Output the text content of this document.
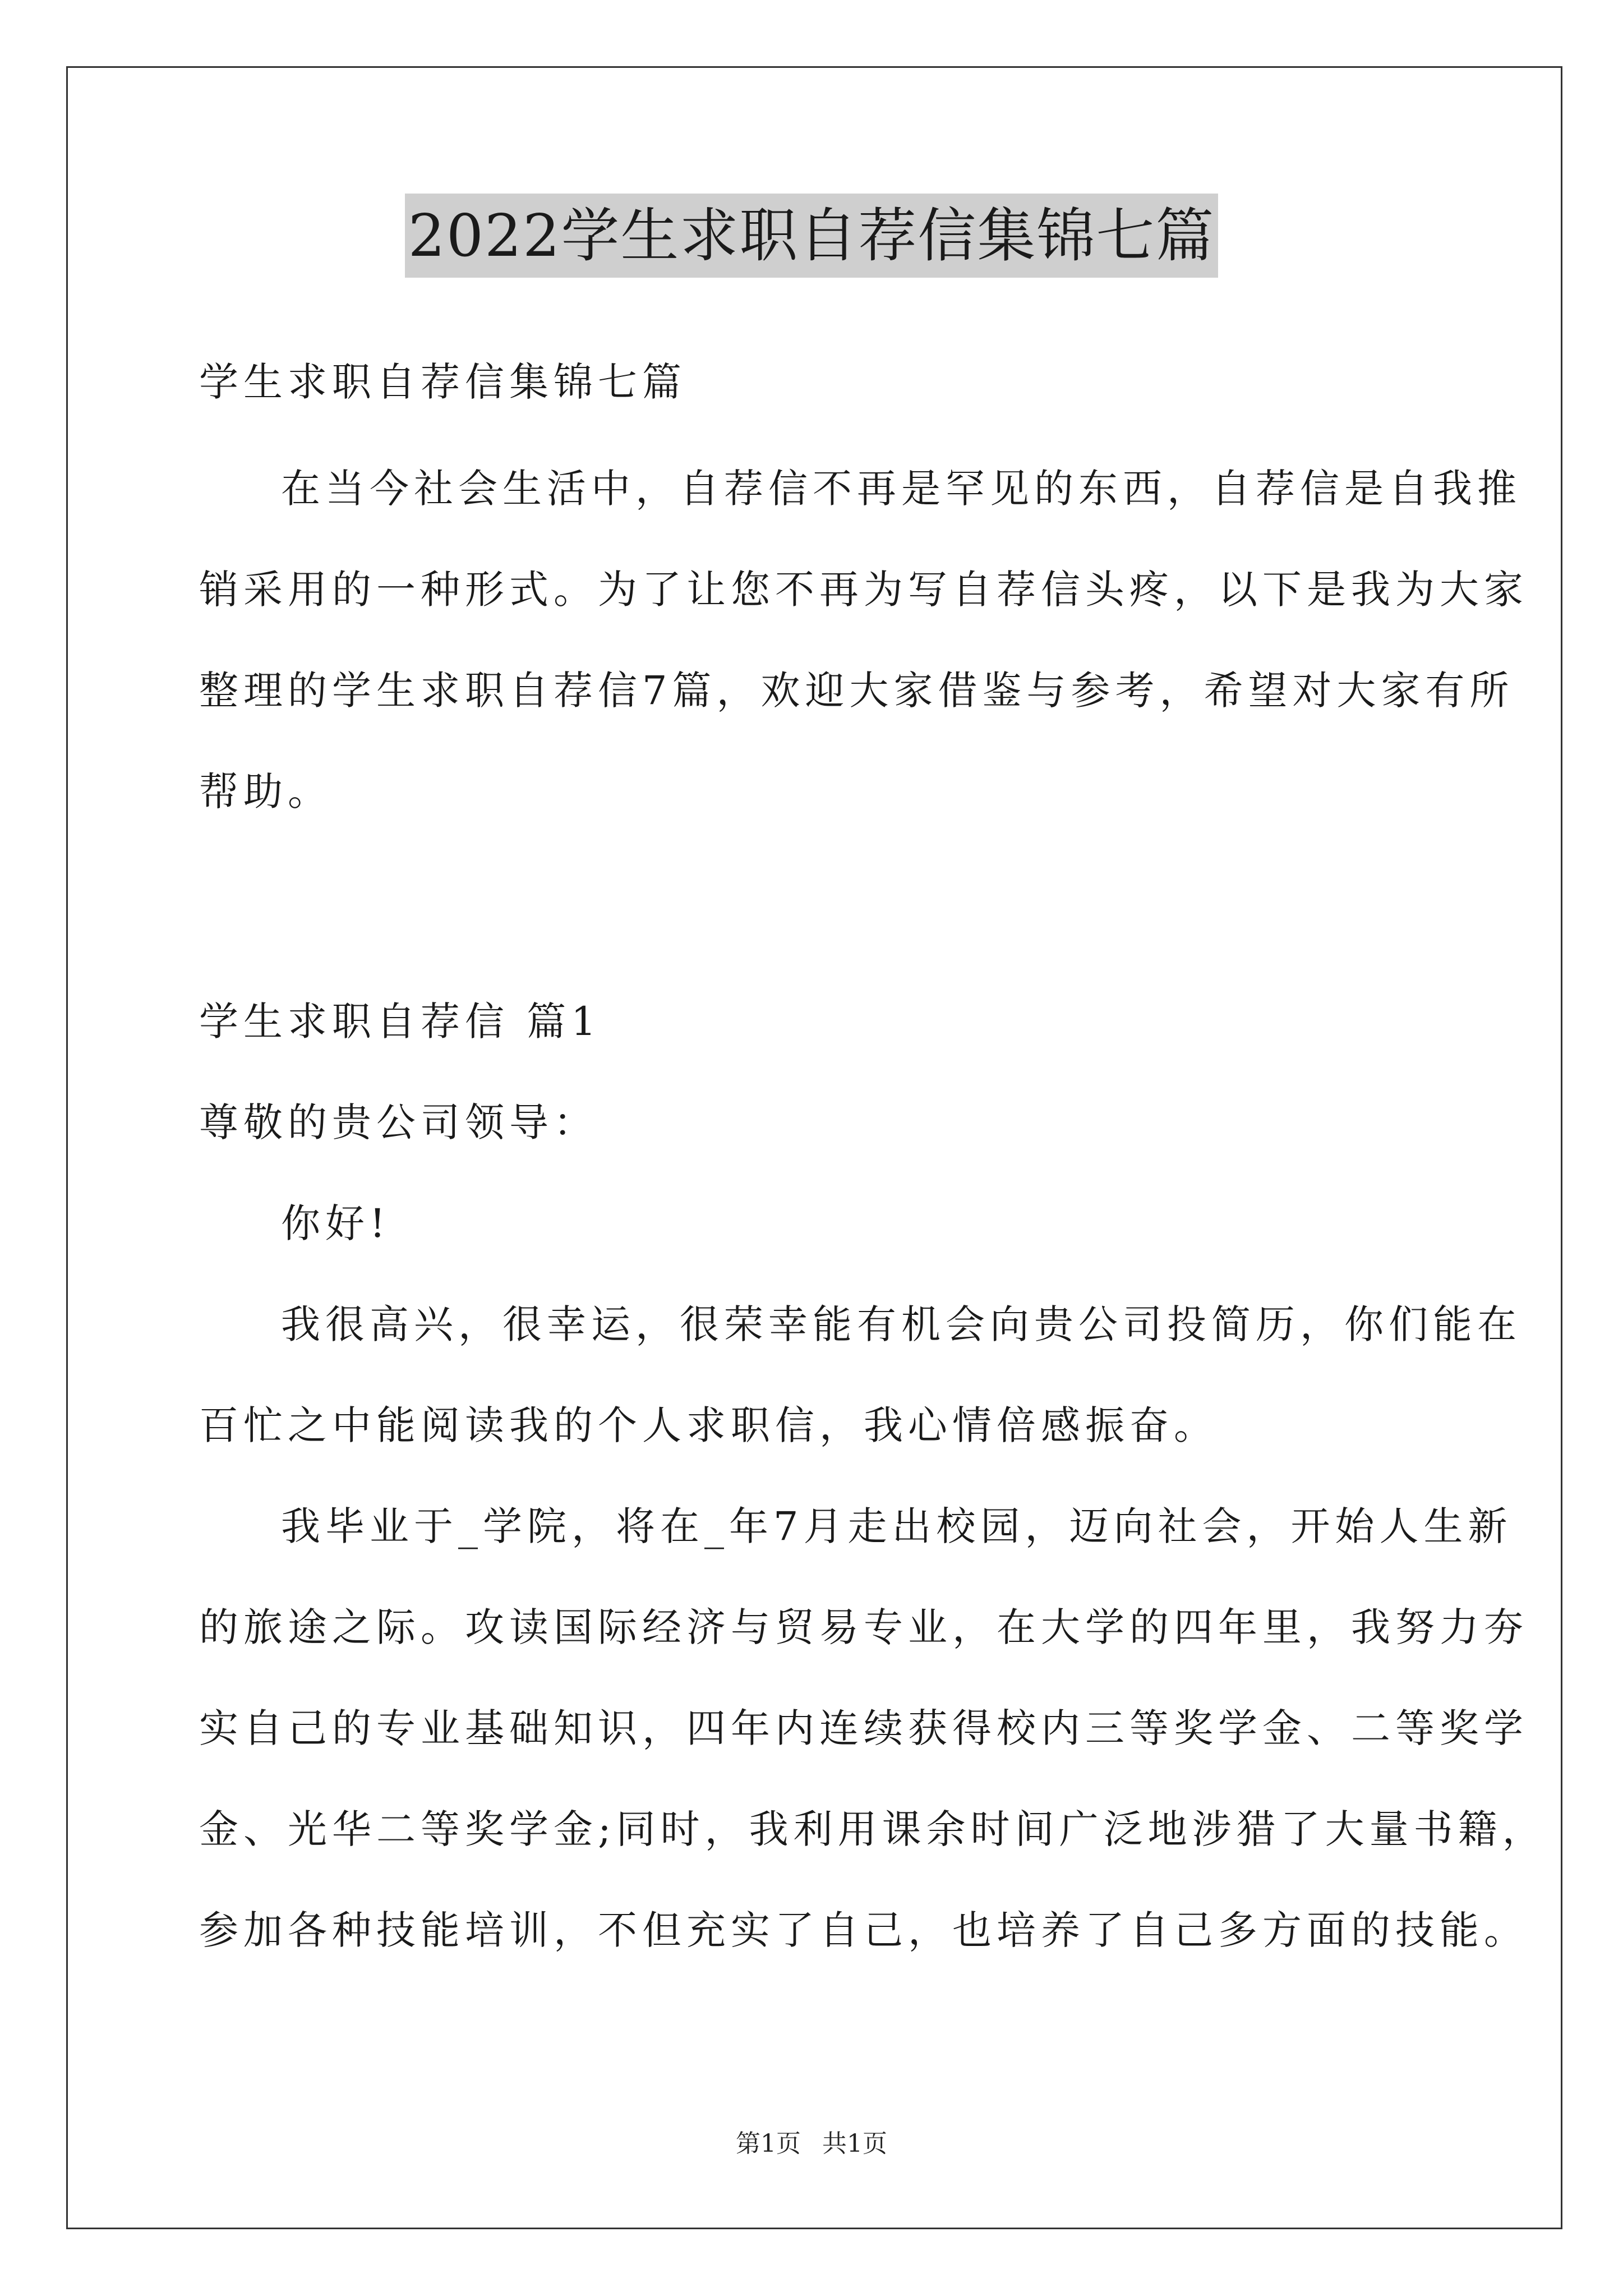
2022学生求职自荐信集锦七篇
学生求职自荐信集锦七篇
在当今社会生活中，自荐信不再是罕见的东西，自荐信是自我推
销采用的一种形式。为了让您不再为写自荐信头疼，以下是我为大家
整理的学生求职自荐信7篇，欢迎大家借鉴与参考，希望对大家有所
帮助。
学生求职自荐信 篇1
尊敬的贵公司领导：
你好!
我很高兴，很幸运，很荣幸能有机会向贵公司投简历，你们能在
百忙之中能阅读我的个人求职信，我心情倍感振奋。
我毕业于_学院，将在_年7月走出校园，迈向社会，开始人生新
的旅途之际。攻读国际经济与贸易专业，在大学的四年里，我努力夯
实自己的专业基础知识，四年内连续获得校内三等奖学金、二等奖学
金、光华二等奖学金;同时，我利用课余时间广泛地涉猎了大量书籍，
参加各种技能培训，不但充实了自己，也培养了自己多方面的技能。
第1页 共1页
